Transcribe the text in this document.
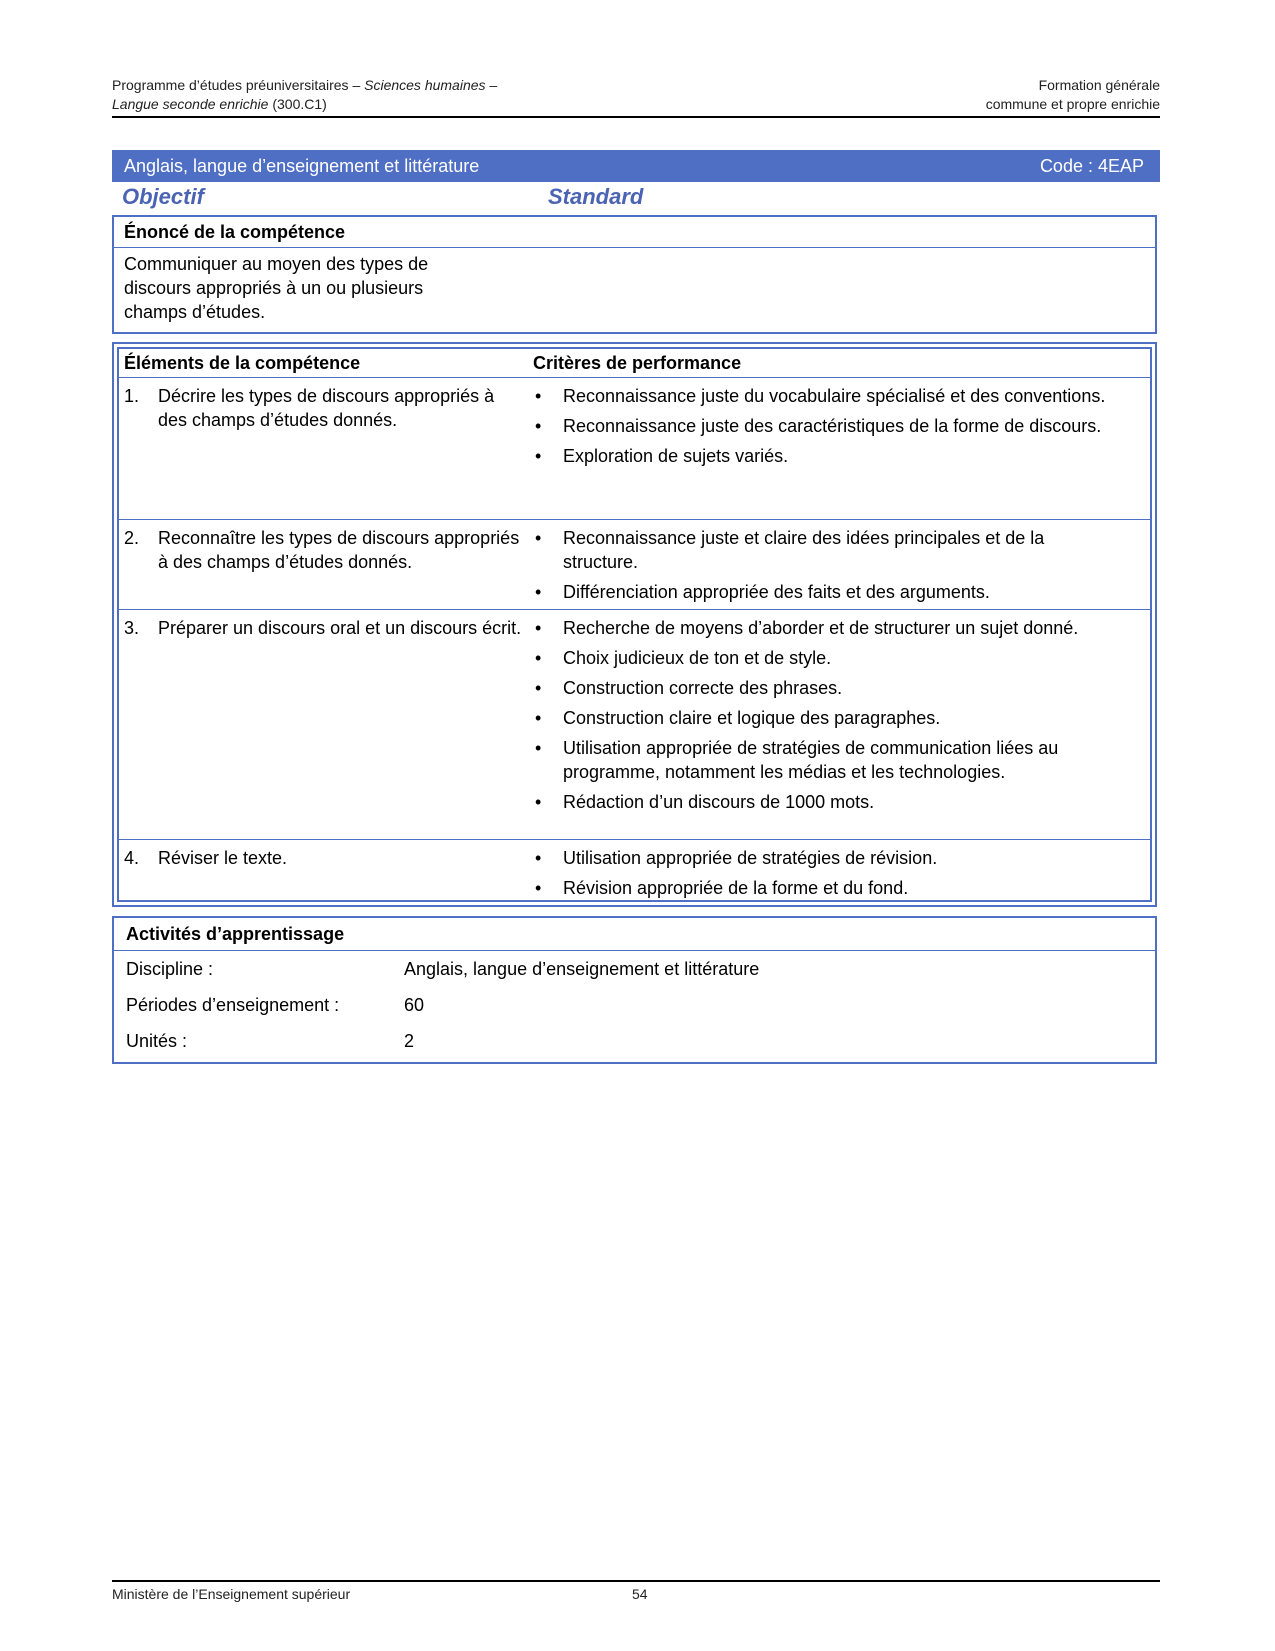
Programme d’études préuniversitaires – Sciences humaines –
Langue seconde enrichie (300.C1)
Formation générale
commune et propre enrichie
Anglais, langue d’enseignement et littérature	Code : 4EAP
Objectif	Standard
Énoncé de la compétence
Communiquer au moyen des types de discours appropriés à un ou plusieurs champs d’études.
Éléments de la compétence	Critères de performance
1.	Décrire les types de discours appropriés à des champs d’études donnés.
• Reconnaissance juste du vocabulaire spécialisé et des conventions.
• Reconnaissance juste des caractéristiques de la forme de discours.
• Exploration de sujets variés.
2.	Reconnaître les types de discours appropriés à des champs d’études donnés.
• Reconnaissance juste et claire des idées principales et de la structure.
• Différenciation appropriée des faits et des arguments.
3.	Préparer un discours oral et un discours écrit.	• Recherche de moyens d’aborder et de structurer un sujet donné.
• Choix judicieux de ton et de style.
• Construction correcte des phrases.
• Construction claire et logique des paragraphes.
• Utilisation appropriée de stratégies de communication liées au programme, notamment les médias et les technologies.
• Rédaction d’un discours de 1000 mots.
4.	Réviser le texte.	• Utilisation appropriée de stratégies de révision.
• Révision appropriée de la forme et du fond.
Activités d’apprentissage
Discipline :	Anglais, langue d’enseignement et littérature
Périodes d’enseignement :	60
Unités :	2
Ministère de l’Enseignement supérieur	54
